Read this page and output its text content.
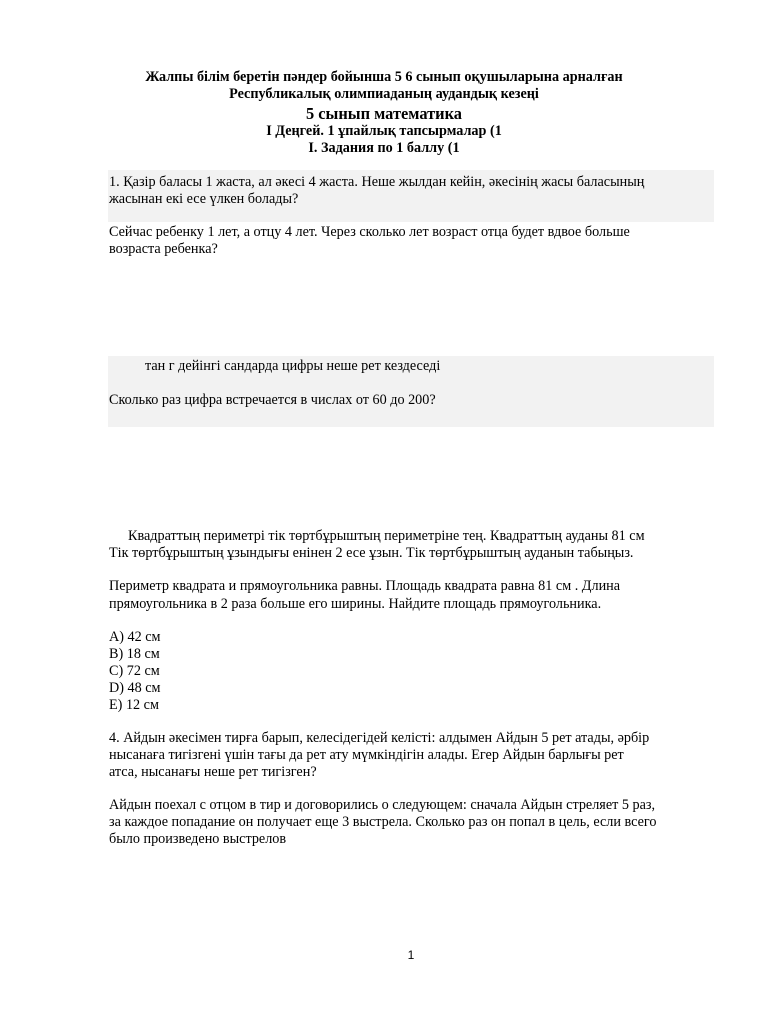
Жалпы білім беретін пәндер бойынша 5 6 сынып оқушыларына арналған
Республикалық олимпиаданың аудандық кезеңі
5 сынып математика
I Деңгей. 1 ұпайлық тапсырмалар (1
I. Задания по 1 баллу (1
1. Қазір баласы 1 жаста, ал әкесі 4 жаста. Неше жылдан кейін, әкесінің жасы баласының
жасынан екі есе үлкен болады?
Сейчас ребенку 1 лет, а отцу 4 лет. Через сколько лет возраст отца будет вдвое больше
возраста ребенка?
тан г дейінгі сандарда цифры неше рет кездеседі
Сколько раз цифра встречается в числах от 60 до 200?
Квадраттың периметрі тік төртбұрыштың периметріне тең. Квадраттың ауданы 81 см
Тік төртбұрыштың ұзындығы енінен 2 есе ұзын. Тік төртбұрыштың ауданын табыңыз.
Периметр квадрата и прямоугольника равны. Площадь квадрата равна 81 см . Длина
прямоугольника в 2 раза больше его ширины. Найдите площадь прямоугольника.
A) 42 см
B) 18 см
C) 72 см
D) 48 см
E) 12 см
4. Айдын әкесімен тирға барып, келесідегідей келісті: алдымен Айдын 5 рет атады, әрбір
нысанаға тигізгені үшін тағы да рет ату мүмкіндігін алады. Егер Айдын барлығы рет
атса, нысанағы неше рет тигізген?
Айдын поехал с отцом в тир и договорились о следующем: сначала Айдын стреляет 5 раз,
за каждое попадание он получает еще 3 выстрела. Сколько раз он попал в цель, если всего
было произведено выстрелов
1
